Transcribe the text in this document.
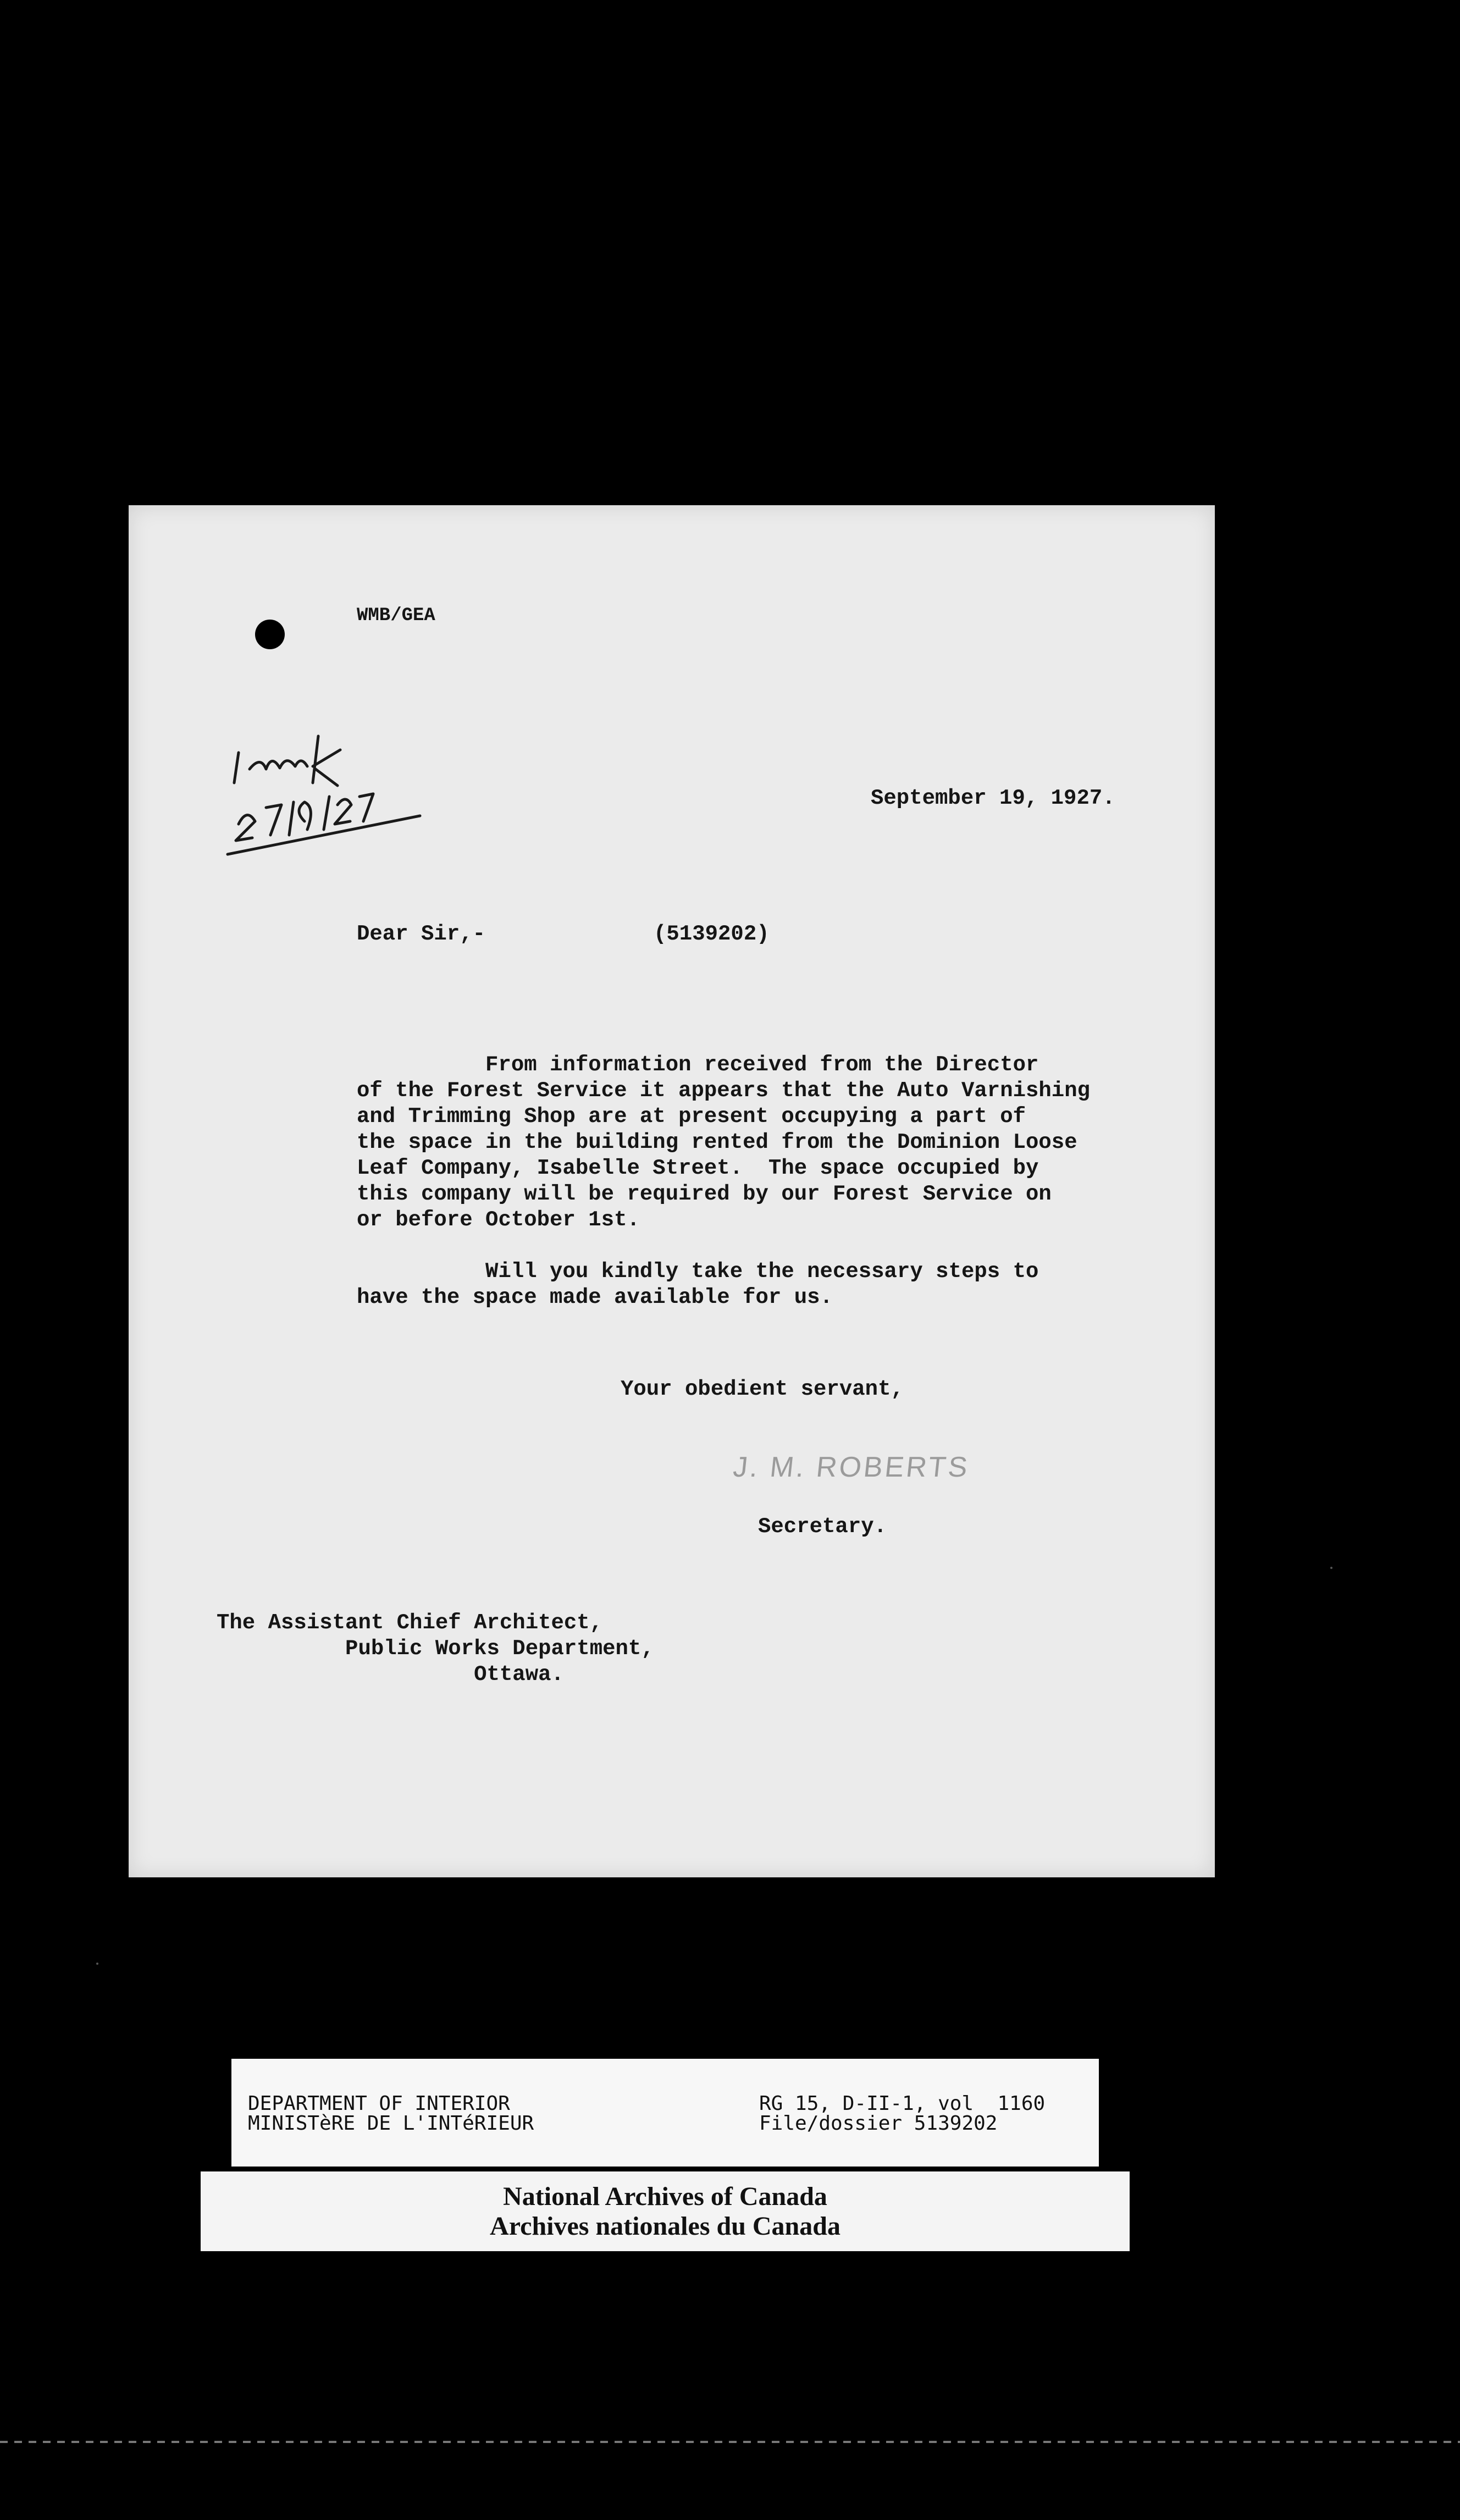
WMB/GEA
September 19, 1927.
Dear Sir,-	(5139202)
From information received from the Director
of the Forest Service it appears that the Auto Varnishing
and Trimming Shop are at present occupying a part of
the space in the building rented from the Dominion Loose
Leaf Company, Isabelle Street.  The space occupied by
this company will be required by our Forest Service on
or before October 1st.

Will you kindly take the necessary steps to
have the space made available for us.
Your obedient servant,
J. M. ROBERTS
Secretary.
The Assistant Chief Architect,
Public Works Department,
Ottawa.
DEPARTMENT OF INTERIOR
MINISTèRE DE L'INTéRIEUR
RG 15, D-II-1, vol  1160
File/dossier 5139202
National Archives of Canada
Archives nationales du Canada
